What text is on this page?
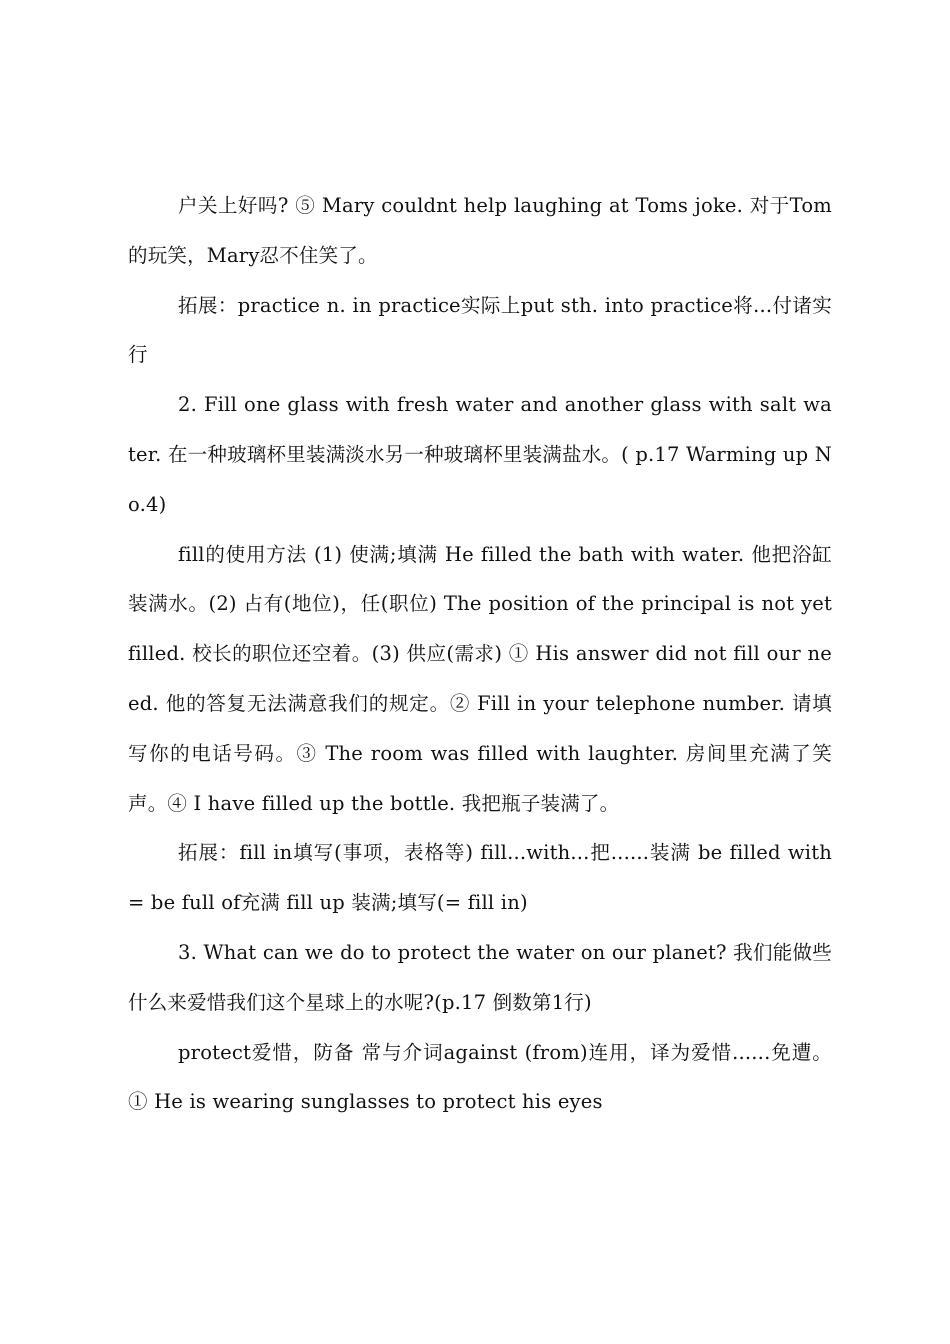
户关上好吗? ⑤ Mary couldnt help laughing at Toms joke. 对于Tom的玩笑，Mary忍不住笑了。

拓展：practice n. in practice实际上put sth. into practice将...付诸实行

2. Fill one glass with fresh water and another glass with salt water. 在一种玻璃杯里装满淡水另一种玻璃杯里装满盐水。( p.17 Warming up No.4)

fill的使用方法 (1) 使满;填满 He filled the bath with water. 他把浴缸装满水。(2) 占有(地位)，任(职位) The position of the principal is not yet filled. 校长的职位还空着。(3) 供应(需求) ① His answer did not fill our need. 他的答复无法满意我们的规定。② Fill in your telephone number. 请填写你的电话号码。③ The room was filled with laughter. 房间里充满了笑声。④ I have filled up the bottle. 我把瓶子装满了。

拓展：fill in填写(事项，表格等) fill...with...把......装满 be filled with = be full of充满 fill up 装满;填写(= fill in)

3. What can we do to protect the water on our planet? 我们能做些什么来爱惜我们这个星球上的水呢?(p.17 倒数第1行)

protect爱惜，防备 常与介词against (from)连用，译为爱惜......免遭。① He is wearing sunglasses to protect his eyes
